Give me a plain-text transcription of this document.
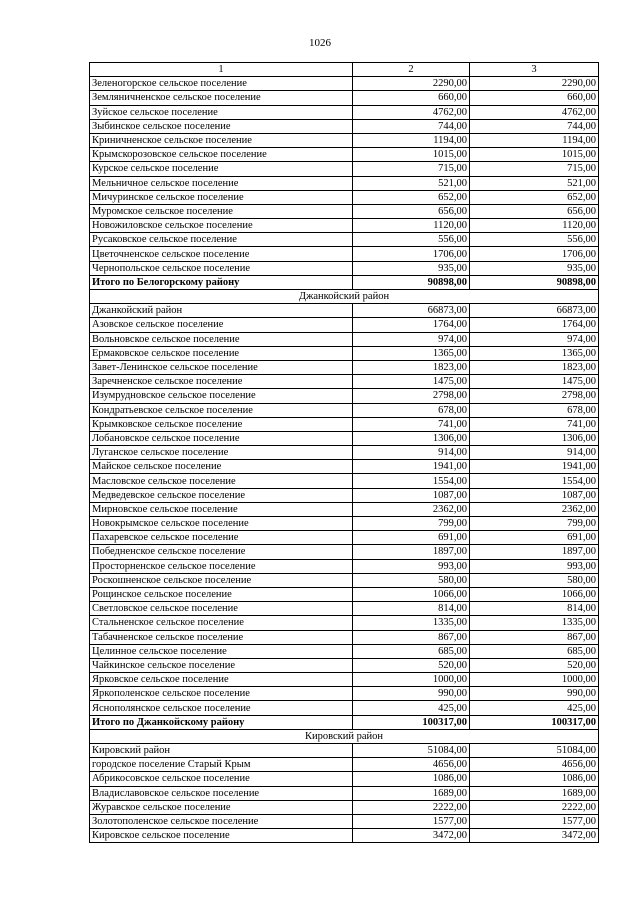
1026
1	2	3
Зеленогорское сельское поселение	2290,00	2290,00
Земляничненское сельское поселение	660,00	660,00
Зуйское сельское поселение	4762,00	4762,00
Зыбинское сельское поселение	744,00	744,00
Криничненское сельское поселение	1194,00	1194,00
Крымскорозовское сельское поселение	1015,00	1015,00
Курское сельское поселение	715,00	715,00
Мельничное сельское поселение	521,00	521,00
Мичуринское сельское поселение	652,00	652,00
Муромское сельское поселение	656,00	656,00
Новожиловское сельское поселение	1120,00	1120,00
Русаковское сельское поселение	556,00	556,00
Цветочненское сельское поселение	1706,00	1706,00
Чернопольское сельское поселение	935,00	935,00
Итого по Белогорскому району	90898,00	90898,00
Джанкойский район		
Джанкойский район	66873,00	66873,00
Азовское сельское поселение	1764,00	1764,00
Вольновское сельское поселение	974,00	974,00
Ермаковское сельское поселение	1365,00	1365,00
Завет-Ленинское сельское поселение	1823,00	1823,00
Заречненское сельское поселение	1475,00	1475,00
Изумрудновское сельское поселение	2798,00	2798,00
Кондратьевское сельское поселение	678,00	678,00
Крымковское сельское поселение	741,00	741,00
Лобановское сельское поселение	1306,00	1306,00
Луганское сельское поселение	914,00	914,00
Майское сельское поселение	1941,00	1941,00
Масловское сельское поселение	1554,00	1554,00
Медведевское сельское поселение	1087,00	1087,00
Мирновское сельское поселение	2362,00	2362,00
Новокрымское сельское поселение	799,00	799,00
Пахаревское сельское поселение	691,00	691,00
Победненское сельское поселение	1897,00	1897,00
Просторненское сельское поселение	993,00	993,00
Роскошненское сельское поселение	580,00	580,00
Рощинское сельское поселение	1066,00	1066,00
Светловское сельское поселение	814,00	814,00
Стальненское сельское поселение	1335,00	1335,00
Табачненское сельское поселение	867,00	867,00
Целинное сельское поселение	685,00	685,00
Чайкинское сельское поселение	520,00	520,00
Ярковское сельское поселение	1000,00	1000,00
Яркополенское сельское поселение	990,00	990,00
Яснополянское сельское поселение	425,00	425,00
Итого по Джанкойскому району	100317,00	100317,00
Кировский район		
Кировский район	51084,00	51084,00
городское поселение Старый Крым	4656,00	4656,00
Абрикосовское сельское поселение	1086,00	1086,00
Владиславовское сельское поселение	1689,00	1689,00
Журавское сельское поселение	2222,00	2222,00
Золотополенское сельское поселение	1577,00	1577,00
Кировское сельское поселение	3472,00	3472,00
